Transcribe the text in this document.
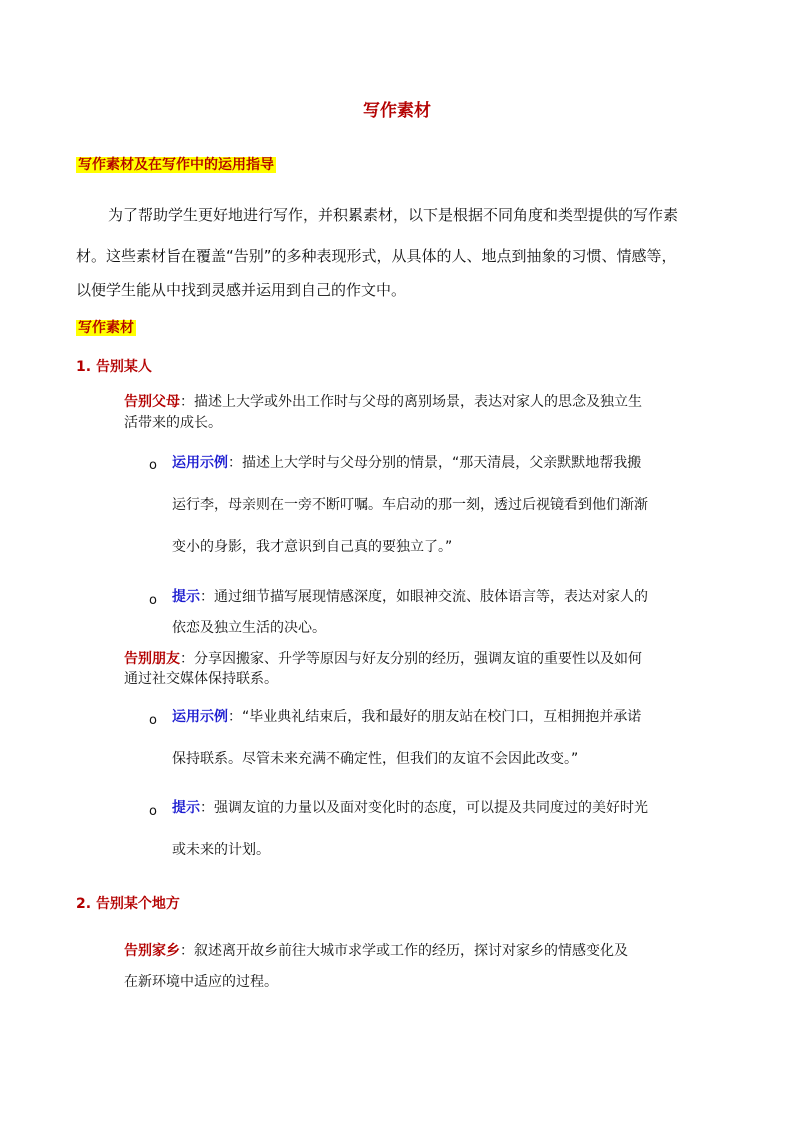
写作素材
写作素材及在写作中的运用指导
为了帮助学生更好地进行写作，并积累素材，以下是根据不同角度和类型提供的写作素
材。这些素材旨在覆盖“告别”的多种表现形式，从具体的人、地点到抽象的习惯、情感等，
以便学生能从中找到灵感并运用到自己的作文中。
写作素材
1. 告别某人
告别父母：描述上大学或外出工作时与父母的离别场景，表达对家人的思念及独立生
活带来的成长。
o 运用示例：描述上大学时与父母分别的情景，“那天清晨，父亲默默地帮我搬
运行李，母亲则在一旁不断叮嘱。车启动的那一刻，透过后视镜看到他们渐渐
变小的身影，我才意识到自己真的要独立了。”
o 提示：通过细节描写展现情感深度，如眼神交流、肢体语言等，表达对家人的
依恋及独立生活的决心。
告别朋友：分享因搬家、升学等原因与好友分别的经历，强调友谊的重要性以及如何
通过社交媒体保持联系。
o 运用示例：“毕业典礼结束后，我和最好的朋友站在校门口，互相拥抱并承诺
保持联系。尽管未来充满不确定性，但我们的友谊不会因此改变。”
o 提示：强调友谊的力量以及面对变化时的态度，可以提及共同度过的美好时光
或未来的计划。
2. 告别某个地方
告别家乡：叙述离开故乡前往大城市求学或工作的经历，探讨对家乡的情感变化及
在新环境中适应的过程。
